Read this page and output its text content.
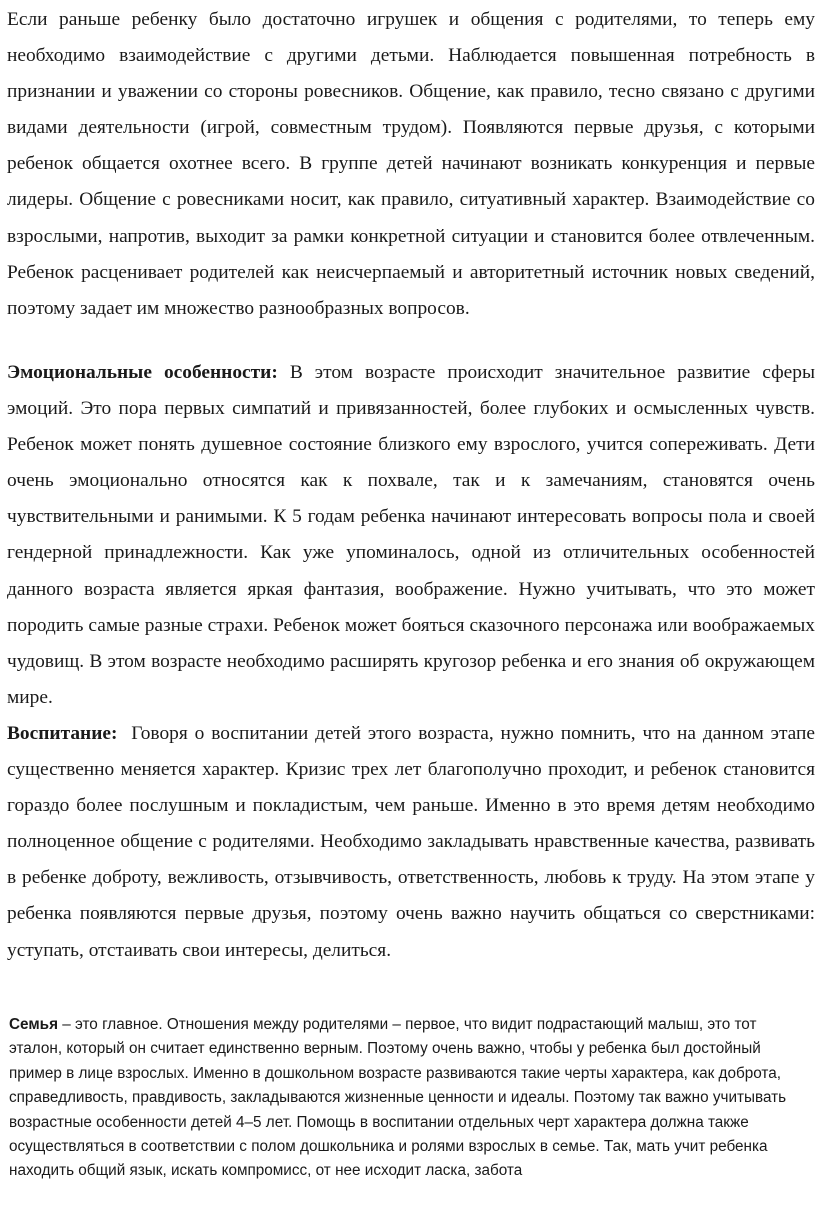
Если раньше ребенку было достаточно игрушек и общения с родителями, то теперь ему необходимо взаимодействие с другими детьми. Наблюдается повышенная потребность в признании и уважении со стороны ровесников. Общение, как правило, тесно связано с другими видами деятельности (игрой, совместным трудом). Появляются первые друзья, с которыми ребенок общается охотнее всего. В группе детей начинают возникать конкуренция и первые лидеры. Общение с ровесниками носит, как правило, ситуативный характер. Взаимодействие со взрослыми, напротив, выходит за рамки конкретной ситуации и становится более отвлеченным. Ребенок расценивает родителей как неисчерпаемый и авторитетный источник новых сведений, поэтому задает им множество разнообразных вопросов.

Эмоциональные особенности: В этом возрасте происходит значительное развитие сферы эмоций. Это пора первых симпатий и привязанностей, более глубоких и осмысленных чувств. Ребенок может понять душевное состояние близкого ему взрослого, учится сопереживать. Дети очень эмоционально относятся как к похвале, так и к замечаниям, становятся очень чувствительными и ранимыми. К 5 годам ребенка начинают интересовать вопросы пола и своей гендерной принадлежности. Как уже упоминалось, одной из отличительных особенностей данного возраста является яркая фантазия, воображение. Нужно учитывать, что это может породить самые разные страхи. Ребенок может бояться сказочного персонажа или воображаемых чудовищ. В этом возрасте необходимо расширять кругозор ребенка и его знания об окружающем мире.

Воспитание:  Говоря о воспитании детей этого возраста, нужно помнить, что на данном этапе существенно меняется характер. Кризис трех лет благополучно проходит, и ребенок становится гораздо более послушным и покладистым, чем раньше. Именно в это время детям необходимо полноценное общение с родителями. Необходимо закладывать нравственные качества, развивать в ребенке доброту, вежливость, отзывчивость, ответственность, любовь к труду. На этом этапе у ребенка появляются первые друзья, поэтому очень важно научить общаться со сверстниками: уступать, отстаивать свои интересы, делиться.

Семья – это главное. Отношения между родителями – первое, что видит подрастающий малыш, это тот эталон, который он считает единственно верным. Поэтому очень важно, чтобы у ребенка был достойный пример в лице взрослых. Именно в дошкольном возрасте развиваются такие черты характера, как доброта, справедливость, правдивость, закладываются жизненные ценности и идеалы. Поэтому так важно учитывать возрастные особенности детей 4–5 лет. Помощь в воспитании отдельных черт характера должна также осуществляться в соответствии с полом дошкольника и ролями взрослых в семье. Так, мать учит ребенка находить общий язык, искать компромисс, от нее исходит ласка, забота
